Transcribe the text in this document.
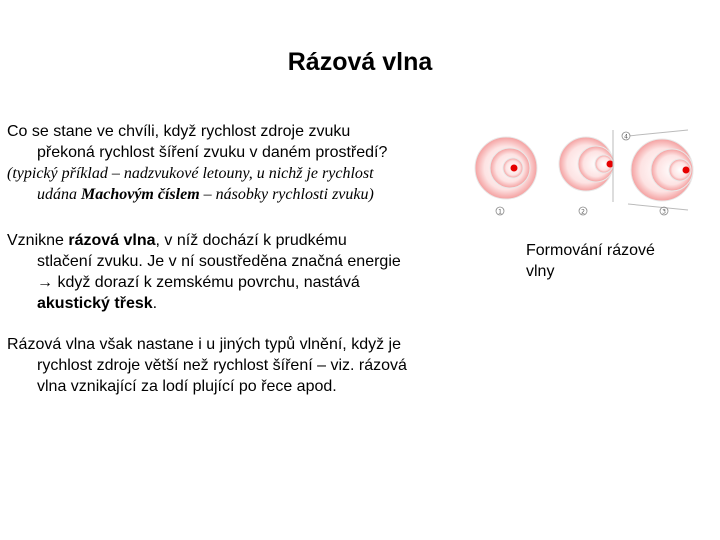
Rázová vlna
Co se stane ve chvíli, když rychlost zdroje zvuku
překoná rychlost šíření zvuku v daném prostředí?
(typický příklad – nadzvukové letouny, u nichž je rychlost
udána Machovým číslem – násobky rychlosti zvuku)
Vznikne rázová vlna, v níž dochází k prudkému
stlačení zvuku. Je v ní soustředěna značná energie
→ když dorazí k zemskému povrchu, nastává
akustický třesk.
Rázová vlna však nastane i u jiných typů vlnění, když je
rychlost zdroje větší než rychlost šíření – viz. rázová
vlna vznikající za lodí plující po řece apod.
1	2	3
4
Formování rázové
vlny
